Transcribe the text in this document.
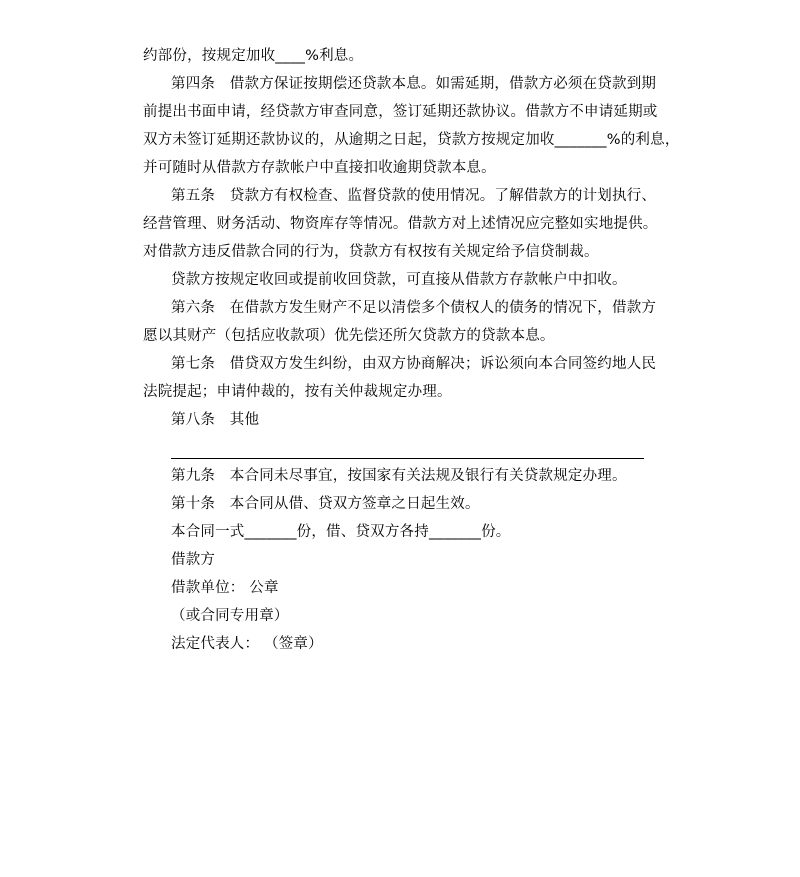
约部份，按规定加收____%利息。
第四条　借款方保证按期偿还贷款本息。如需延期，借款方必须在贷款到期
前提出书面申请，经贷款方审查同意，签订延期还款协议。借款方不申请延期或
双方未签订延期还款协议的，从逾期之日起，贷款方按规定加收_______%的利息，
并可随时从借款方存款帐户中直接扣收逾期贷款本息。
第五条　贷款方有权检查、监督贷款的使用情况。了解借款方的计划执行、
经营管理、财务活动、物资库存等情况。借款方对上述情况应完整如实地提供。
对借款方违反借款合同的行为，贷款方有权按有关规定给予信贷制裁。
贷款方按规定收回或提前收回贷款，可直接从借款方存款帐户中扣收。
第六条　在借款方发生财产不足以清偿多个债权人的债务的情况下，借款方
愿以其财产（包括应收款项）优先偿还所欠贷款方的贷款本息。
第七条　借贷双方发生纠纷，由双方协商解决；诉讼须向本合同签约地人民
法院提起；申请仲裁的，按有关仲裁规定办理。
第八条　其他
第九条　本合同未尽事宜，按国家有关法规及银行有关贷款规定办理。
第十条　本合同从借、贷双方签章之日起生效。
本合同一式_______份，借、贷双方各持_______份。
借款方
借款单位： 公章
（或合同专用章）
法定代表人： （签章）
